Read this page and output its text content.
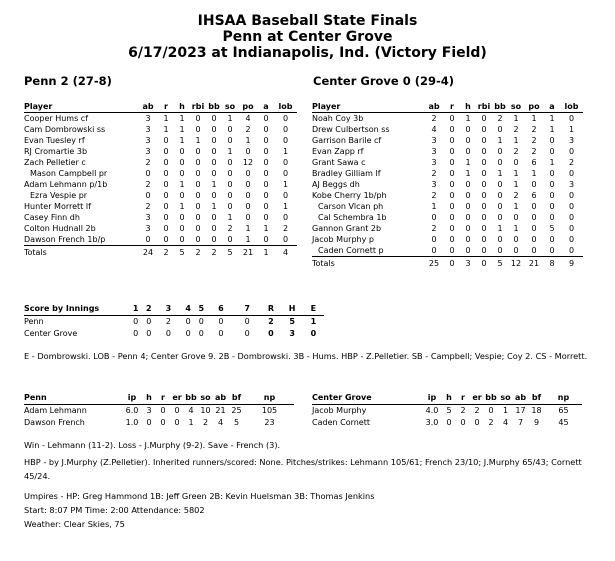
IHSAA Baseball State Finals
Penn at Center Grove
6/17/2023 at Indianapolis, Ind. (Victory Field)
Penn 2 (27-8)	Center Grove 0 (29-4)
Player	ab	r	h	rbi	bb	so	po	a	lob
Cooper Hums cf	3	1	1	0	0	1	4	0	0
Cam Dombrowski ss	3	1	1	0	0	0	2	0	0
Evan Tuesley rf	3	0	1	1	0	0	1	0	0
RJ Cromartie 3b	3	0	0	0	0	1	0	0	1
Zach Pelletier c	2	0	0	0	0	0	12	0	0
Mason Campbell pr	0	0	0	0	0	0	0	0	0
Adam Lehmann p/1b	2	0	1	0	1	0	0	0	1
Ezra Vespie pr	0	0	0	0	0	0	0	0	0
Hunter Morrett lf	2	0	1	0	1	0	0	0	1
Casey Finn dh	3	0	0	0	0	1	0	0	0
Colton Hudnall 2b	3	0	0	0	0	2	1	1	2
Dawson French 1b/p	0	0	0	0	0	0	1	0	0
Totals	24	2	5	2	2	5	21	1	4
Player	ab	r	h	rbi	bb	so	po	a	lob
Noah Coy 3b	2	0	1	0	2	1	1	1	0
Drew Culbertson ss	4	0	0	0	0	2	2	1	1
Garrison Barile cf	3	0	0	0	1	1	2	0	3
Evan Zapp rf	3	0	0	0	0	2	2	0	0
Grant Sawa c	3	0	1	0	0	0	6	1	2
Bradley Gilliam lf	2	0	1	0	1	1	1	0	0
AJ Beggs dh	3	0	0	0	0	1	0	0	3
Kobe Cherry 1b/ph	2	0	0	0	0	2	6	0	0
Carson Vlcan ph	1	0	0	0	0	1	0	0	0
Cal Schembra 1b	0	0	0	0	0	0	0	0	0
Gannon Grant 2b	2	0	0	0	1	1	0	5	0
Jacob Murphy p	0	0	0	0	0	0	0	0	0
Caden Cornett p	0	0	0	0	0	0	0	0	0
Totals	25	0	3	0	5	12	21	8	9
Score by Innings	1	2	3	4	5	6	7	R	H	E
Penn	0	0	2	0	0	0	0	2	5	1
Center Grove	0	0	0	0	0	0	0	0	3	0
E - Dombrowski. LOB - Penn 4; Center Grove 9. 2B - Dombrowski. 3B - Hums. HBP - Z.Pelletier. SB - Campbell; Vespie; Coy 2. CS - Morrett.
Penn	ip	h	r	er	bb	so	ab	bf	np
Adam Lehmann	6.0	3	0	0	4	10	21	25	105
Dawson French	1.0	0	0	0	1	2	4	5	23
Center Grove	ip	h	r	er	bb	so	ab	bf	np
Jacob Murphy	4.0	5	2	2	0	1	17	18	65
Caden Cornett	3.0	0	0	0	2	4	7	9	45
Win - Lehmann (11-2). Loss - J.Murphy (9-2). Save - French (3).
HBP - by J.Murphy (Z.Pelletier). Inherited runners/scored: None. Pitches/strikes: Lehmann 105/61; French 23/10; J.Murphy 65/43; Cornett 45/24.
Umpires - HP: Greg Hammond 1B: Jeff Green 2B: Kevin Huelsman 3B: Thomas Jenkins
Start: 8:07 PM Time: 2:00 Attendance: 5802
Weather: Clear Skies, 75
